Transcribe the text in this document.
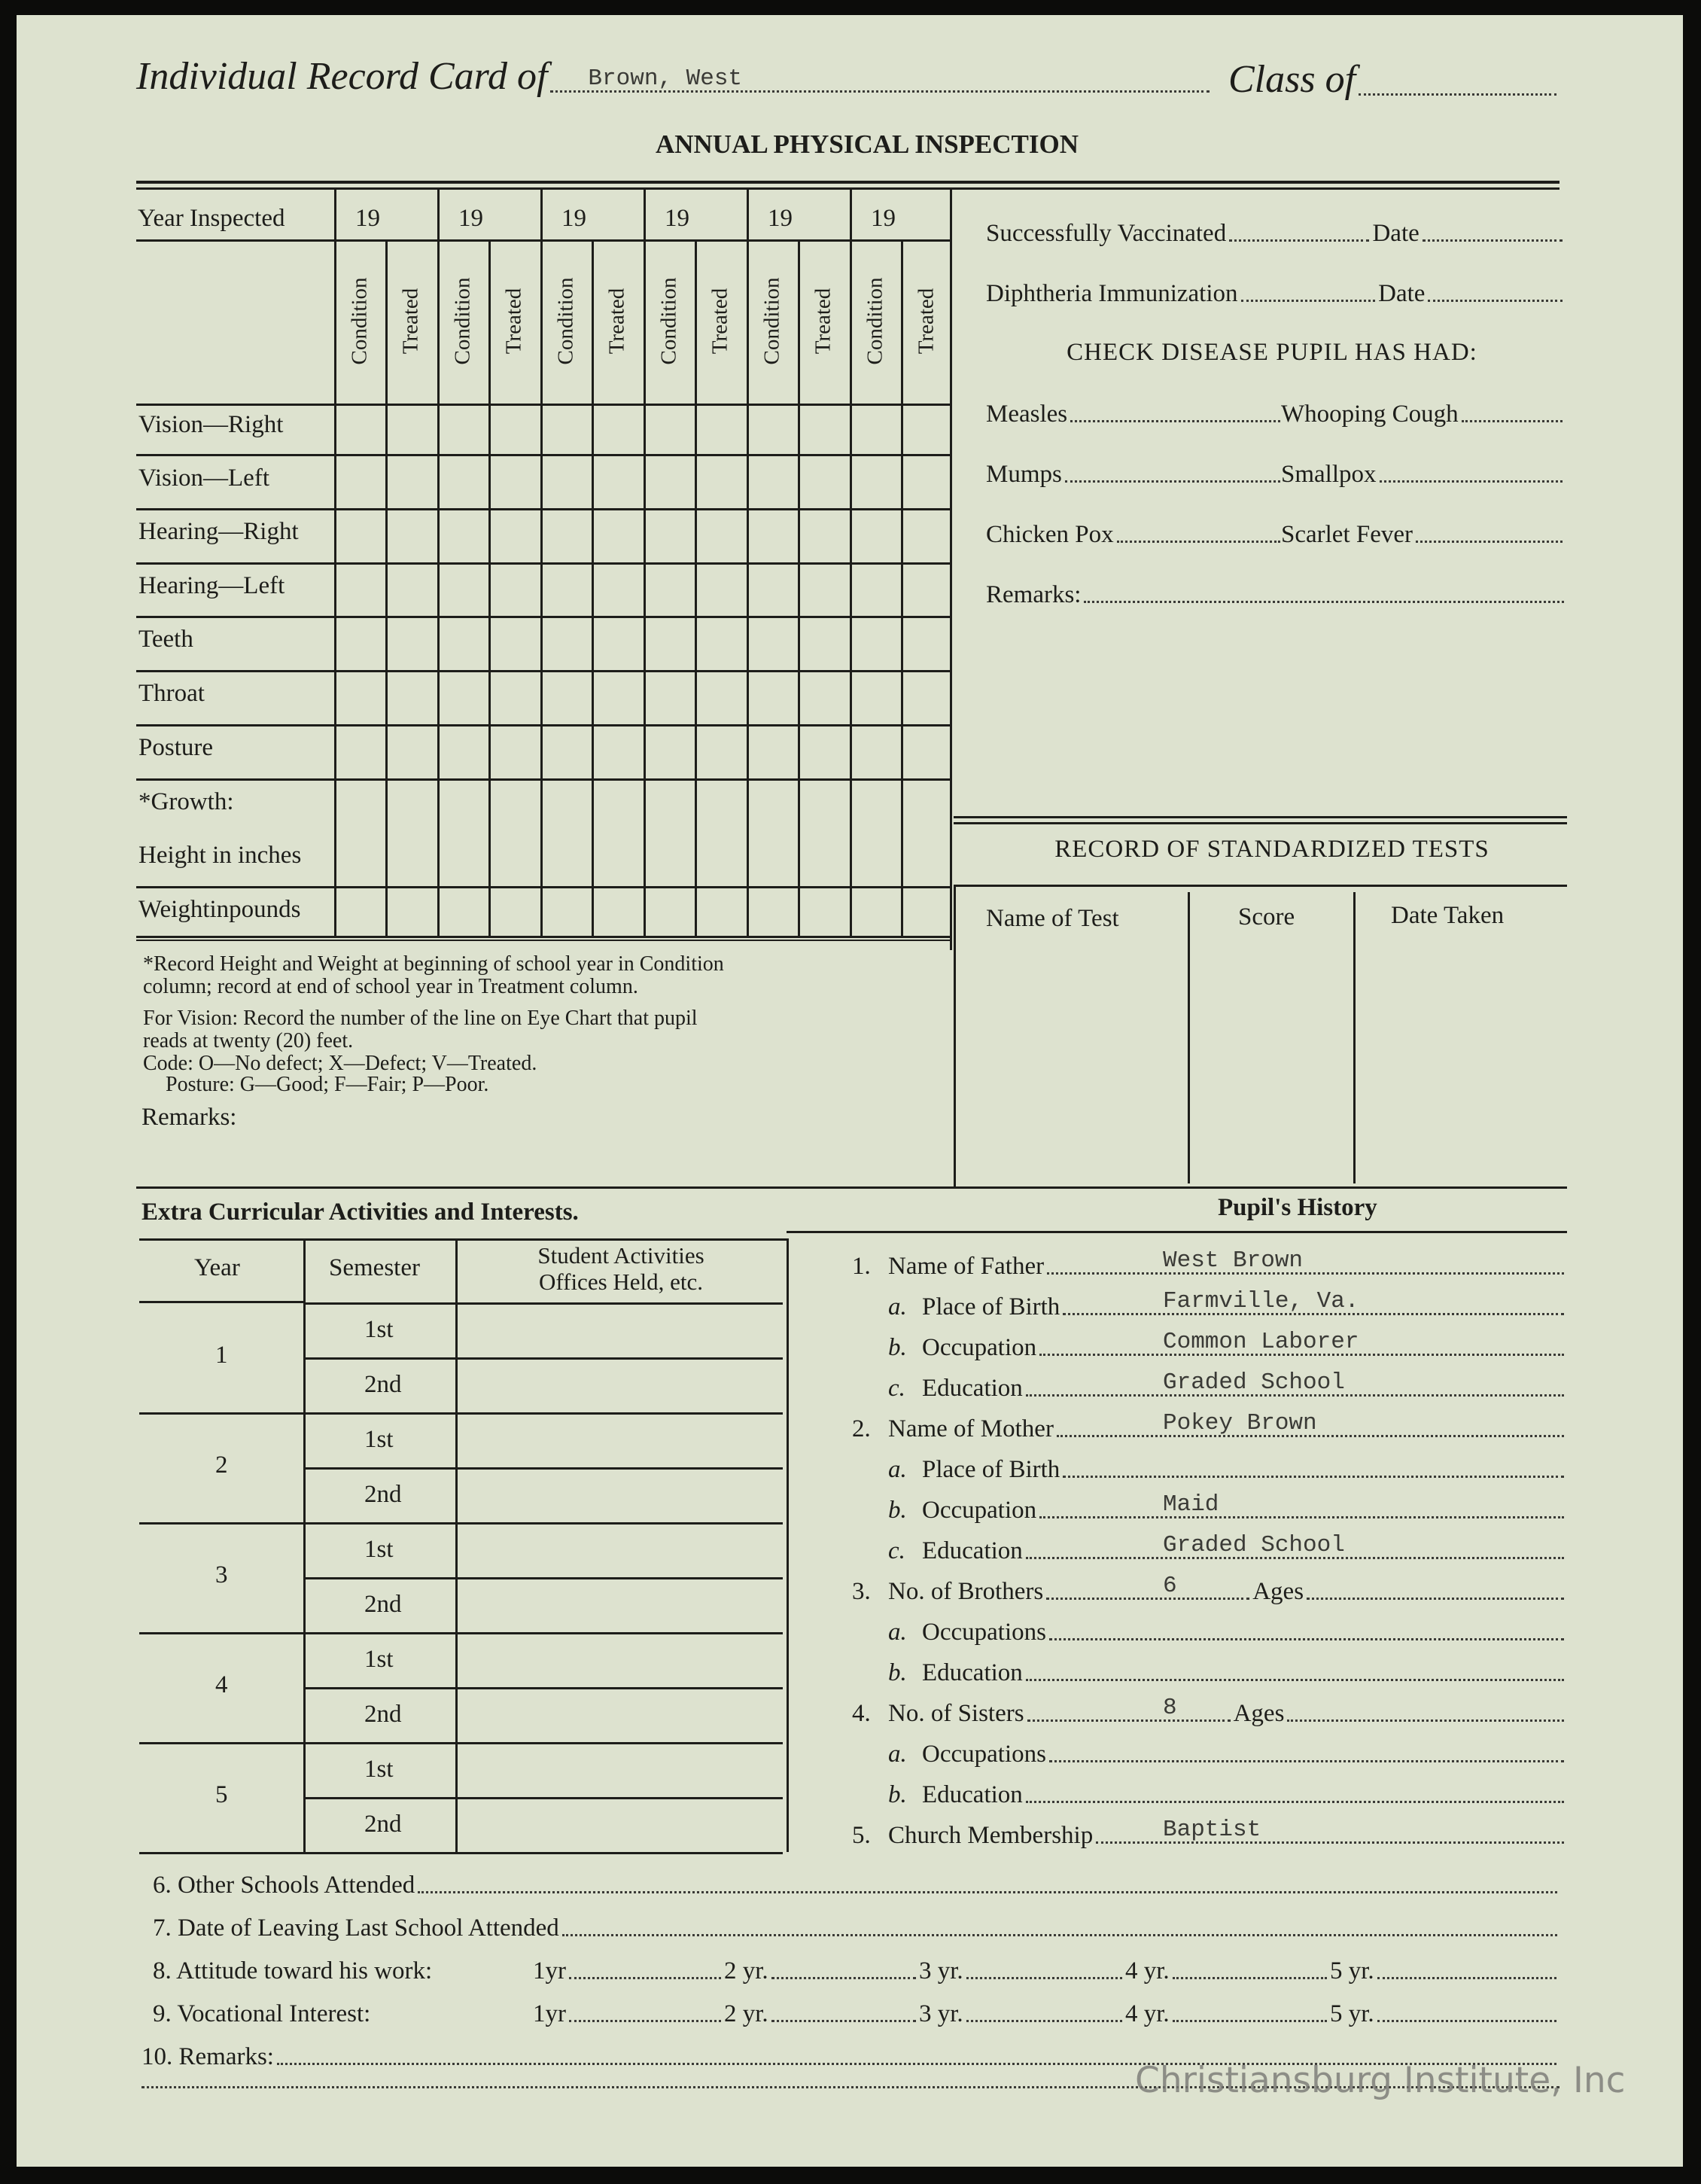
Individual Record Card of Brown, West	Class of
ANNUAL PHYSICAL INSPECTION
Year Inspected	19	19	19	19	19	19
Condition Treated Condition Treated Condition Treated Condition Treated Condition Treated Condition Treated
Vision—Right
Vision—Left
Hearing—Right
Hearing—Left
Teeth
Throat
Posture
*Growth:
Height in inches
Weightinpounds
*Record Height and Weight at beginning of school year in Condition
column; record at end of school year in Treatment column.
For Vision: Record the number of the line on Eye Chart that pupil
reads at twenty (20) feet.
Code: O—No defect; X—Defect; V—Treated.
Posture: G—Good; F—Fair; P—Poor.
Remarks:
Successfully Vaccinated	Date
Diphtheria Immunization	Date
CHECK DISEASE PUPIL HAS HAD:
Measles	Whooping Cough
Mumps	Smallpox
Chicken Pox	Scarlet Fever
Remarks:
RECORD OF STANDARDIZED TESTS
Name of Test	Score	Date Taken
Extra Curricular Activities and Interests.	Pupil's History
Year	Semester	Student Activities
Offices Held, etc.
1
1st
2nd
2
1st
2nd
3
1st
2nd
4
1st
2nd
5
1st
2nd
1. Name of Father	West Brown
a. Place of Birth	Farmville, Va.
b. Occupation	Common Laborer
c. Education	Graded School
2. Name of Mother	Pokey Brown
a. Place of Birth
b. Occupation	Maid
c. Education	Graded School
3. No. of Brothers	6	Ages
a. Occupations
b. Education
4. No. of Sisters	8 Ages
a. Occupations
b. Education
5. Church Membership	Baptist
6. Other Schools Attended
7. Date of Leaving Last School Attended
8. Attitude toward his work:	1yr	2 yr.	3 yr.	4 yr.	5 yr.
9. Vocational Interest:	1yr	2 yr.	3 yr.	4 yr.	5 yr.
10. Remarks:
Christiansburg Institute, Inc
